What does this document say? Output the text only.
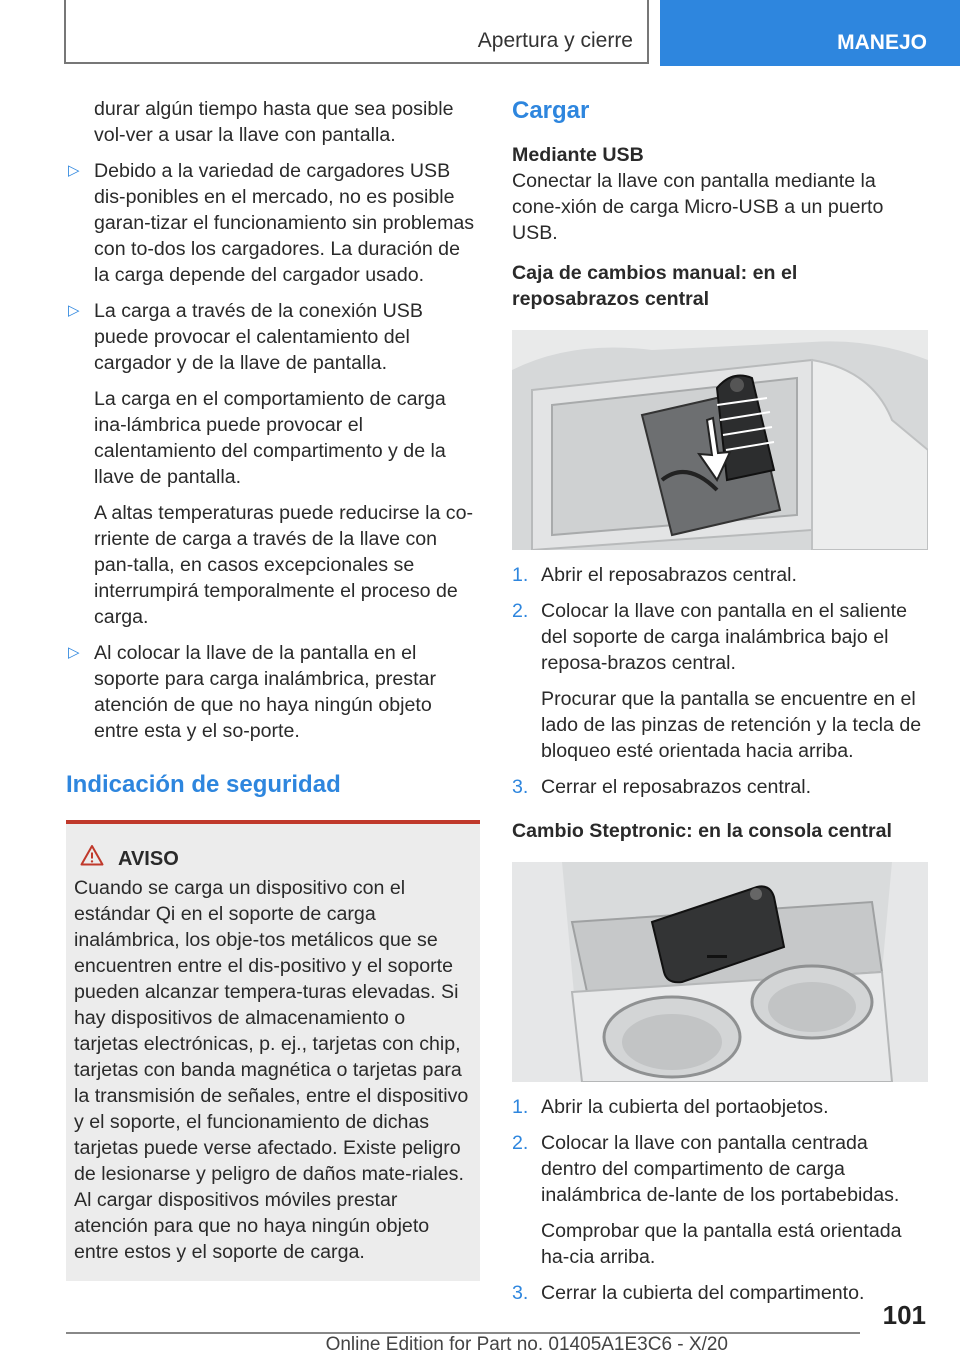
Apertura y cierre	MANEJO

durar algún tiempo hasta que sea posible vol-ver a usar la llave con pantalla.

▷ Debido a la variedad de cargadores USB dis-ponibles en el mercado, no es posible garan-tizar el funcionamiento sin problemas con to-dos los cargadores. La duración de la carga depende del cargador usado.

▷ La carga a través de la conexión USB puede provocar el calentamiento del cargador y de la llave de pantalla.

La carga en el comportamiento de carga ina-lámbrica puede provocar el calentamiento del compartimento y de la llave de pantalla.

A altas temperaturas puede reducirse la co-rriente de carga a través de la llave con pan-talla, en casos excepcionales se interrumpirá temporalmente el proceso de carga.

▷ Al colocar la llave de la pantalla en el soporte para carga inalámbrica, prestar atención de que no haya ningún objeto entre esta y el so-porte.

Indicación de seguridad
AVISO

Cuando se carga un dispositivo con el estándar Qi en el soporte de carga inalámbrica, los obje-tos metálicos que se encuentren entre el dis-positivo y el soporte pueden alcanzar tempera-turas elevadas. Si hay dispositivos de almacenamiento o tarjetas electrónicas, p. ej., tarjetas con chip, tarjetas con banda magnética o tarjetas para la transmisión de señales, entre el dispositivo y el soporte, el funcionamiento de dichas tarjetas puede verse afectado. Existe peligro de lesionarse y peligro de daños mate-riales. Al cargar dispositivos móviles prestar atención para que no haya ningún objeto entre estos y el soporte de carga.

Cargar
Mediante USB

Conectar la llave con pantalla mediante la cone-xión de carga Micro-USB a un puerto USB.

Caja de cambios manual: en el reposabrazos central
1. Abrir el reposabrazos central.

2. Colocar la llave con pantalla en el saliente del soporte de carga inalámbrica bajo el reposa-brazos central.

Procurar que la pantalla se encuentre en el lado de las pinzas de retención y la tecla de bloqueo esté orientada hacia arriba.

3. Cerrar el reposabrazos central.

Cambio Steptronic: en la consola central
1. Abrir la cubierta del portaobjetos.

2. Colocar la llave con pantalla centrada dentro del compartimento de carga inalámbrica de-lante de los portabebidas.

Comprobar que la pantalla está orientada ha-cia arriba.

3. Cerrar la cubierta del compartimento.

101
Online Edition for Part no. 01405A1E3C6 - X/20
